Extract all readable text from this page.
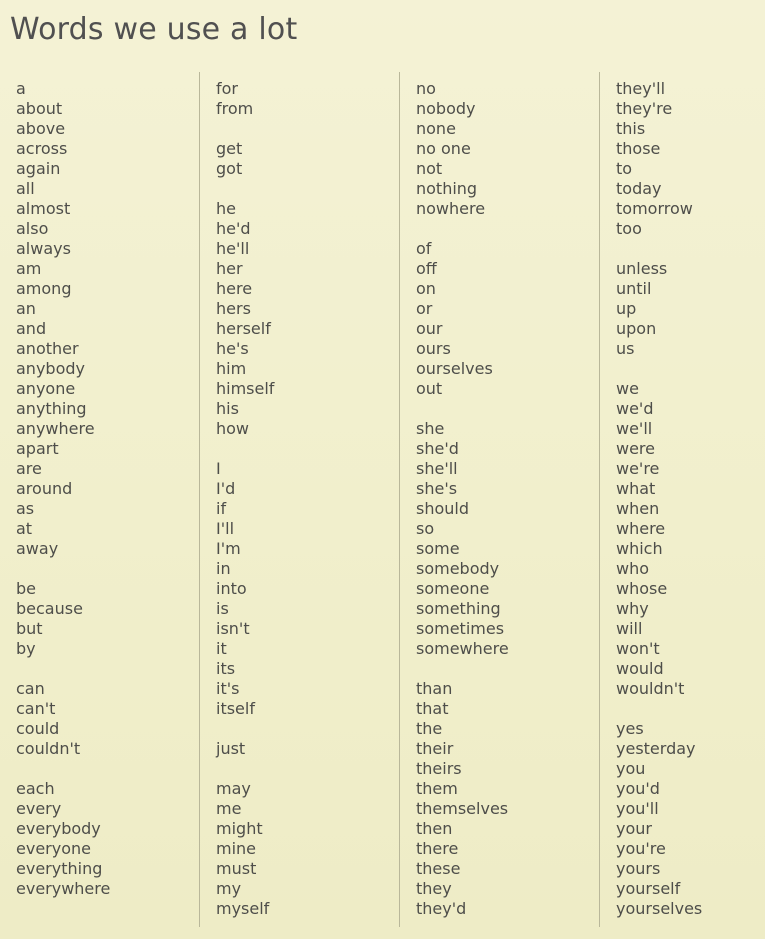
Words we use a lot
a
about
above
across
again
all
almost
also
always
am
among
an
and
another
anybody
anyone
anything
anywhere
apart
are
around
as
at
away
be
because
but
by
can
can't
could
couldn't
each
every
everybody
everyone
everything
everywhere
for
from
get
got
he
he'd
he'll
her
here
hers
herself
he's
him
himself
his
how
I
I'd
if
I'll
I'm
in
into
is
isn't
it
its
it's
itself
just
may
me
might
mine
must
my
myself
no
nobody
none
no one
not
nothing
nowhere
of
off
on
or
our
ours
ourselves
out
she
she'd
she'll
she's
should
so
some
somebody
someone
something
sometimes
somewhere
than
that
the
their
theirs
them
themselves
then
there
these
they
they'd
they'll
they're
this
those
to
today
tomorrow
too
unless
until
up
upon
us
we
we'd
we'll
were
we're
what
when
where
which
who
whose
why
will
won't
would
wouldn't
yes
yesterday
you
you'd
you'll
your
you're
yours
yourself
yourselves
